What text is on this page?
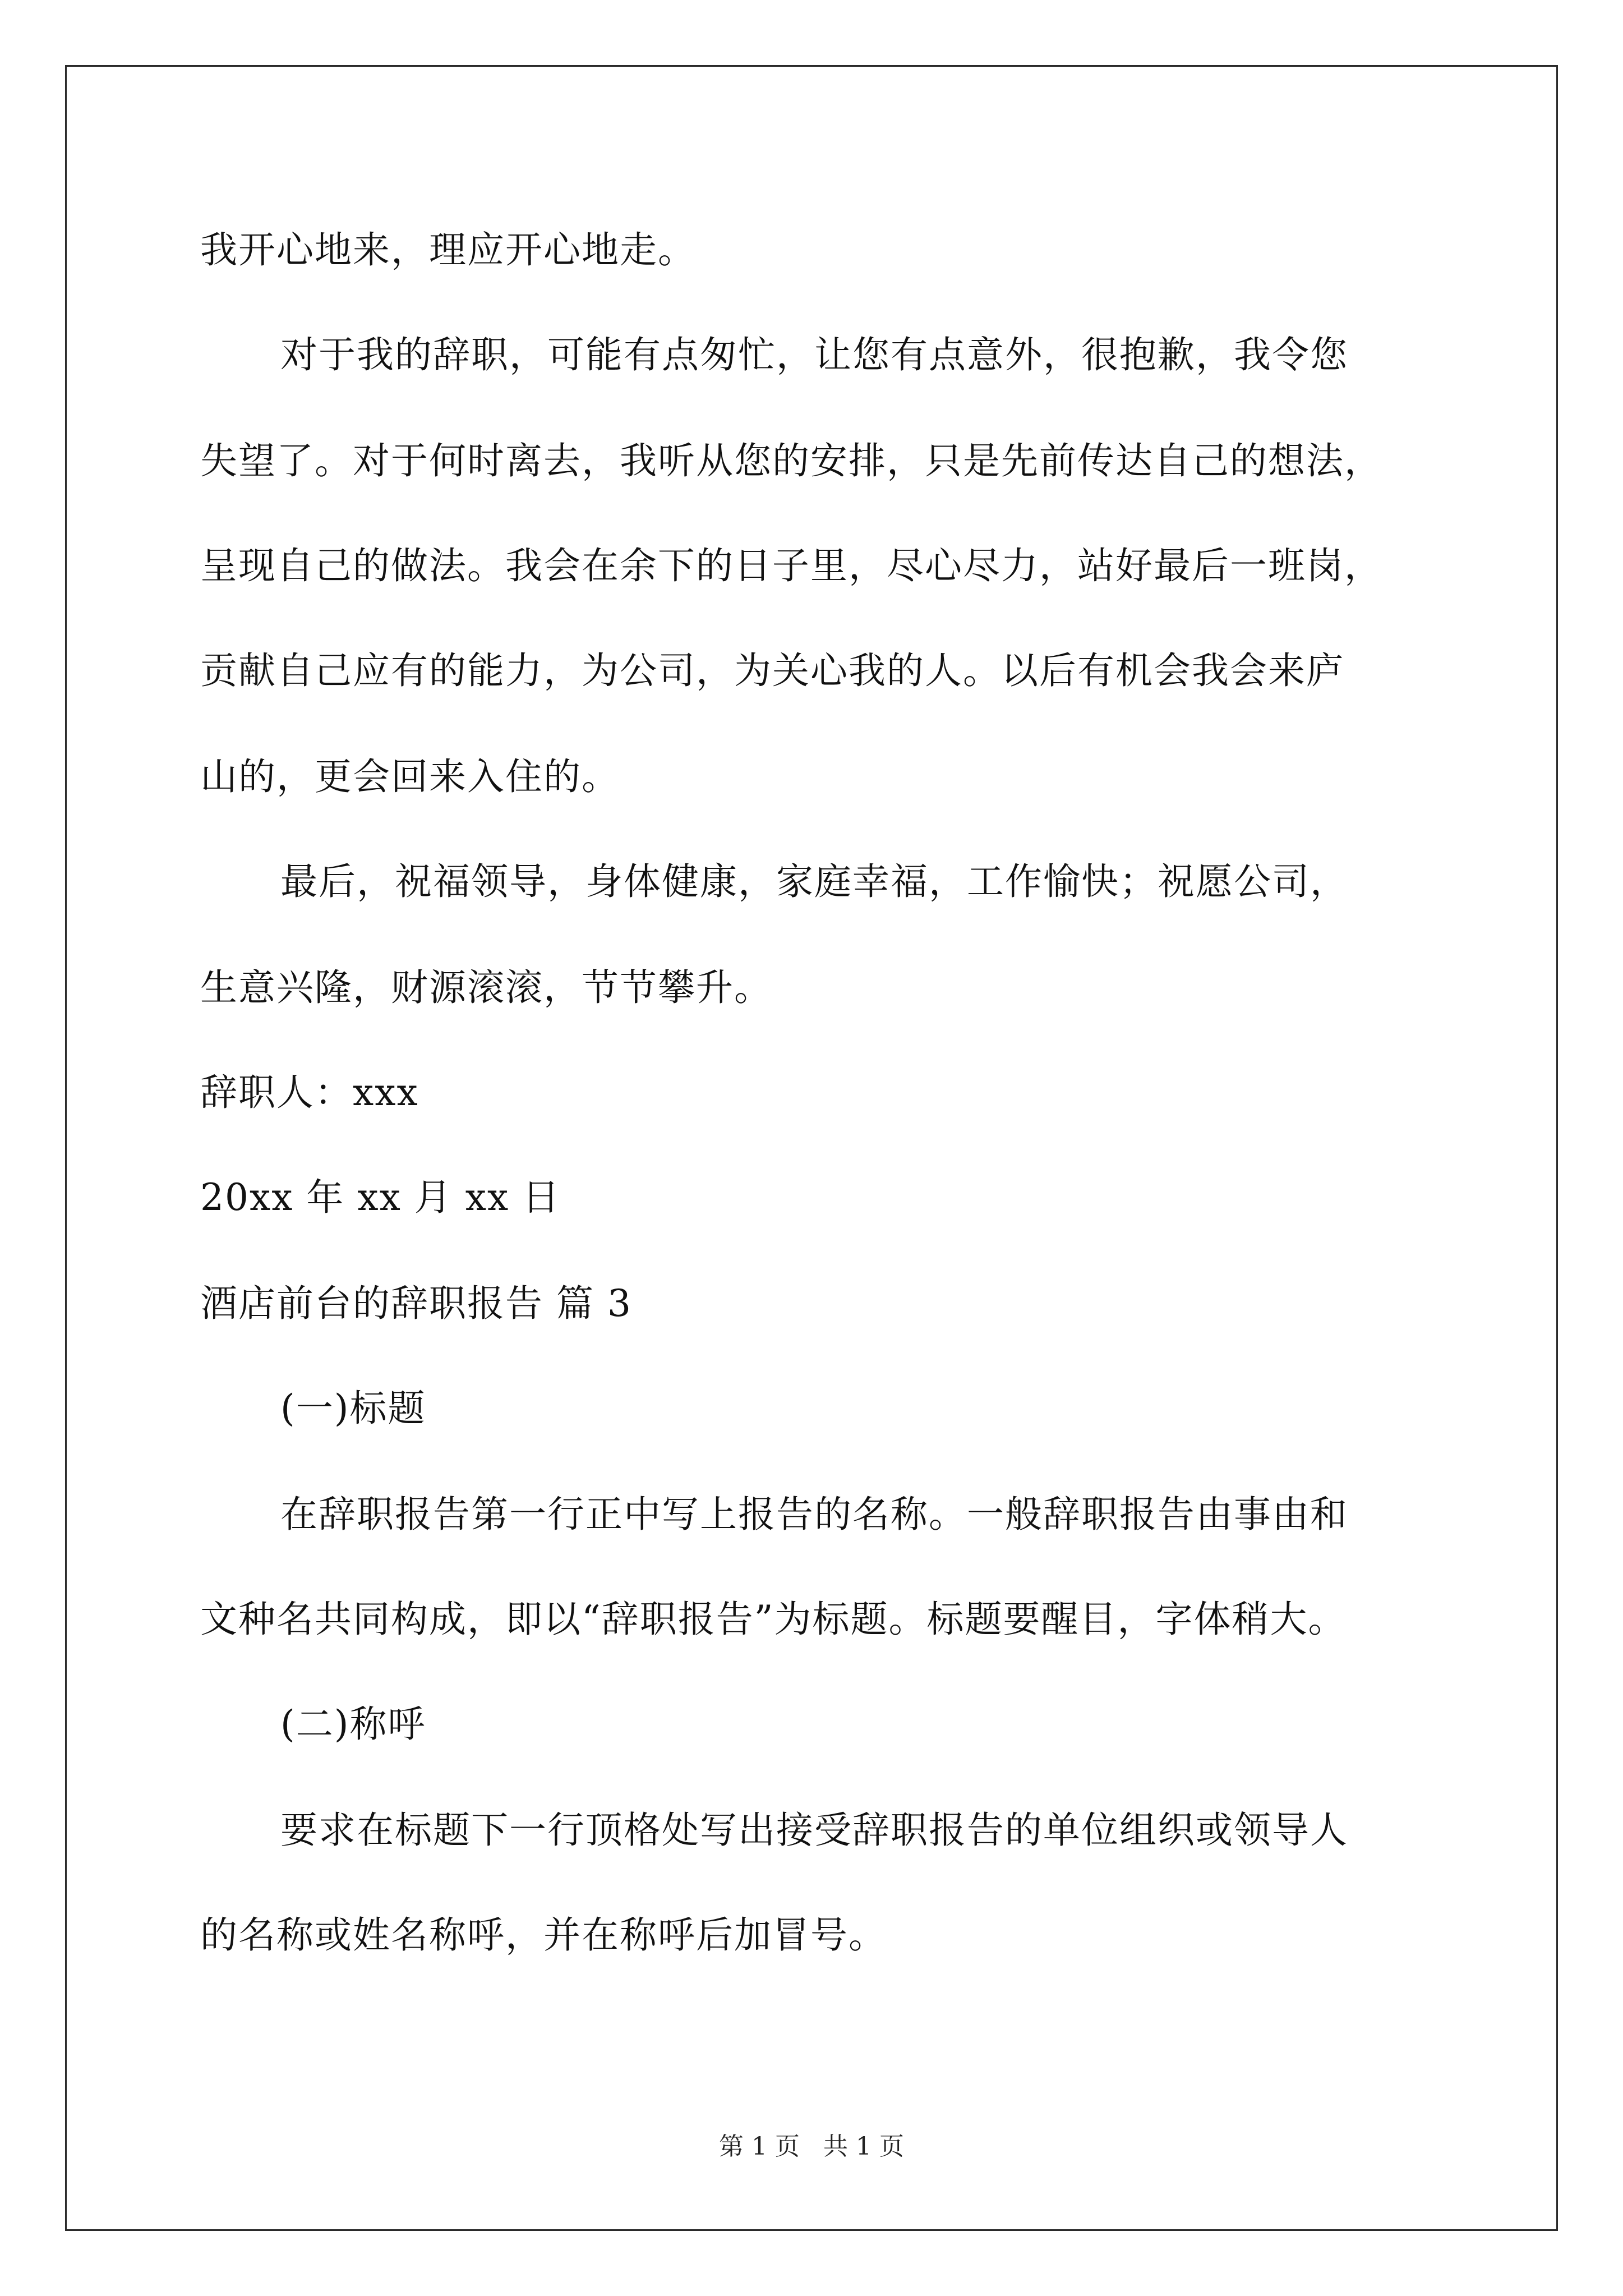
我开心地来，理应开心地走。
对于我的辞职，可能有点匆忙，让您有点意外，很抱歉，我令您
失望了。对于何时离去，我听从您的安排，只是先前传达自己的想法，
呈现自己的做法。我会在余下的日子里，尽心尽力，站好最后一班岗，
贡献自己应有的能力，为公司，为关心我的人。以后有机会我会来庐
山的，更会回来入住的。
最后，祝福领导，身体健康，家庭幸福，工作愉快；祝愿公司，
生意兴隆，财源滚滚，节节攀升。
辞职人：xxx
20xx 年 xx 月 xx 日
酒店前台的辞职报告 篇 3
(一)标题
在辞职报告第一行正中写上报告的名称。一般辞职报告由事由和
文种名共同构成，即以“辞职报告”为标题。标题要醒目，字体稍大。
(二)称呼
要求在标题下一行顶格处写出接受辞职报告的单位组织或领导人
的名称或姓名称呼，并在称呼后加冒号。
第 1 页   共 1 页
